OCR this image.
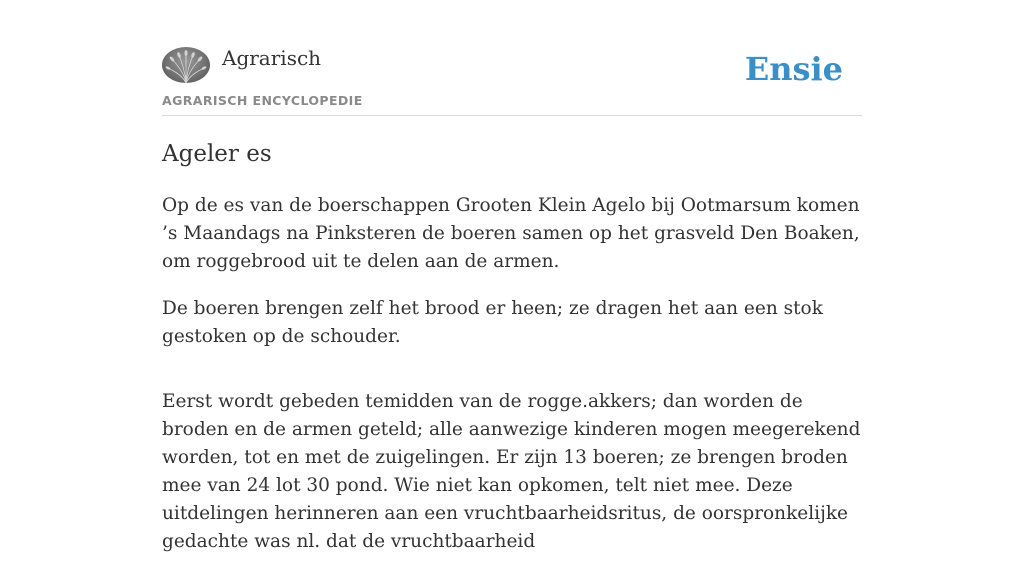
Agrarisch
AGRARISCH ENCYCLOPEDIE
Ensie
Ageler es

Op de es van de boerschappen Grooten Klein Agelo bij Ootmarsum komen ’s Maandags na Pinksteren de boeren samen op het grasveld Den Boaken, om roggebrood uit te delen aan de armen.

De boeren brengen zelf het brood er heen; ze dragen het aan een stok gestoken op de schouder.

Eerst wordt gebeden temidden van de rogge.akkers; dan worden de broden en de armen geteld; alle aanwezige kinderen mogen meegerekend worden, tot en met de zuigelingen. Er zijn 13 boeren; ze brengen broden mee van 24 lot 30 pond. Wie niet kan opkomen, telt niet mee. Deze uitdelingen herinneren aan een vruchtbaarheidsritus, de oorspronkelijke gedachte was nl. dat de vruchtbaarheid
